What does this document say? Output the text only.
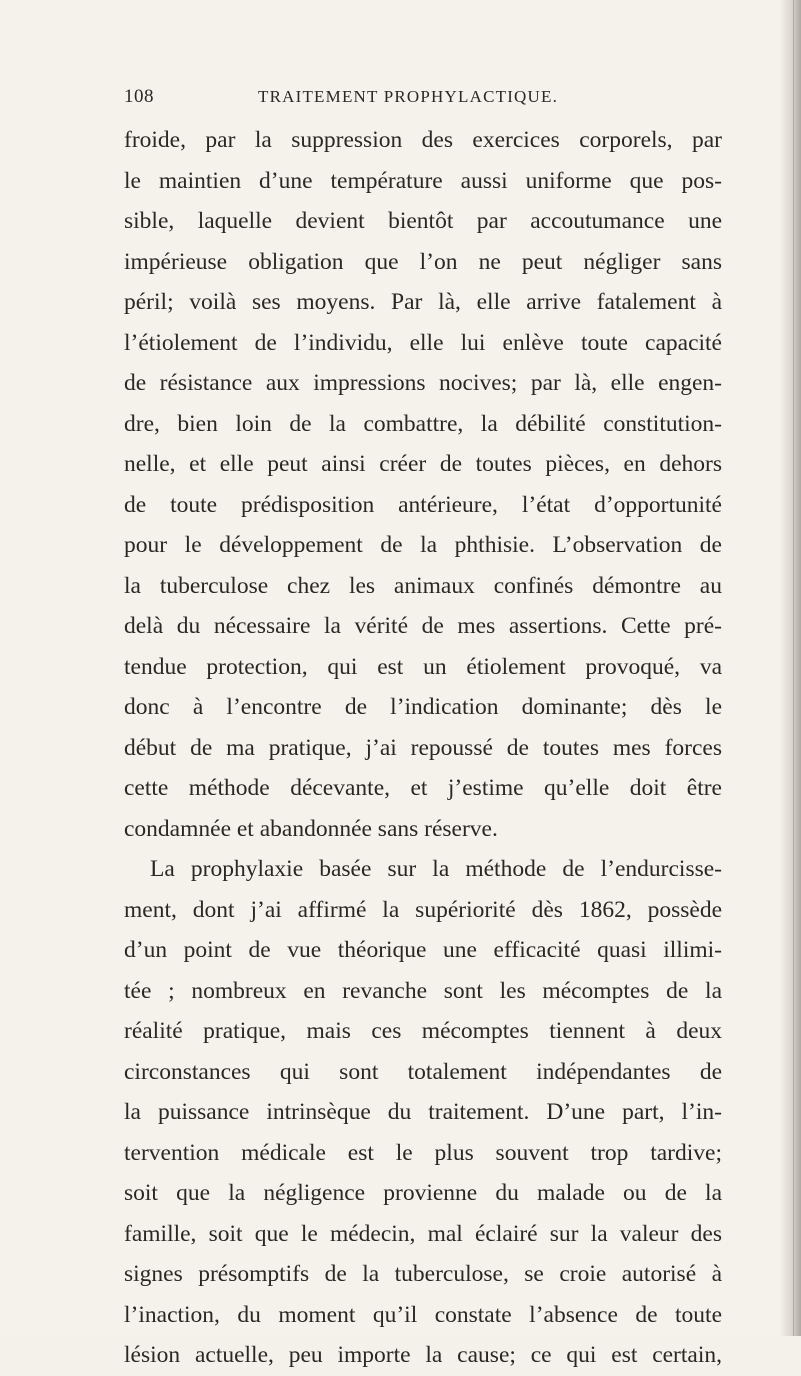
108	TRAITEMENT PROPHYLACTIQUE.
froide, par la suppression des exercices corporels, par
le maintien d’une température aussi uniforme que pos-
sible, laquelle devient bientôt par accoutumance une
impérieuse obligation que l’on ne peut négliger sans
péril; voilà ses moyens. Par là, elle arrive fatalement à
l’étiolement de l’individu, elle lui enlève toute capacité
de résistance aux impressions nocives; par là, elle engen-
dre, bien loin de la combattre, la débilité constitution-
nelle, et elle peut ainsi créer de toutes pièces, en dehors
de toute prédisposition antérieure, l’état d’opportunité
pour le développement de la phthisie. L’observation de
la tuberculose chez les animaux confinés démontre au
delà du nécessaire la vérité de mes assertions. Cette pré-
tendue protection, qui est un étiolement provoqué, va
donc à l’encontre de l’indication dominante; dès le
début de ma pratique, j’ai repoussé de toutes mes forces
cette méthode décevante, et j’estime qu’elle doit être
condamnée et abandonnée sans réserve.
La prophylaxie basée sur la méthode de l’endurcisse-
ment, dont j’ai affirmé la supériorité dès 1862, possède
d’un point de vue théorique une efficacité quasi illimi-
tée ; nombreux en revanche sont les mécomptes de la
réalité pratique, mais ces mécomptes tiennent à deux
circonstances qui sont totalement indépendantes de
la puissance intrinsèque du traitement. D’une part, l’in-
tervention médicale est le plus souvent trop tardive;
soit que la négligence provienne du malade ou de la
famille, soit que le médecin, mal éclairé sur la valeur des
signes présomptifs de la tuberculose, se croie autorisé à
l’inaction, du moment qu’il constate l’absence de toute
lésion actuelle, peu importe la cause; ce qui est certain,
